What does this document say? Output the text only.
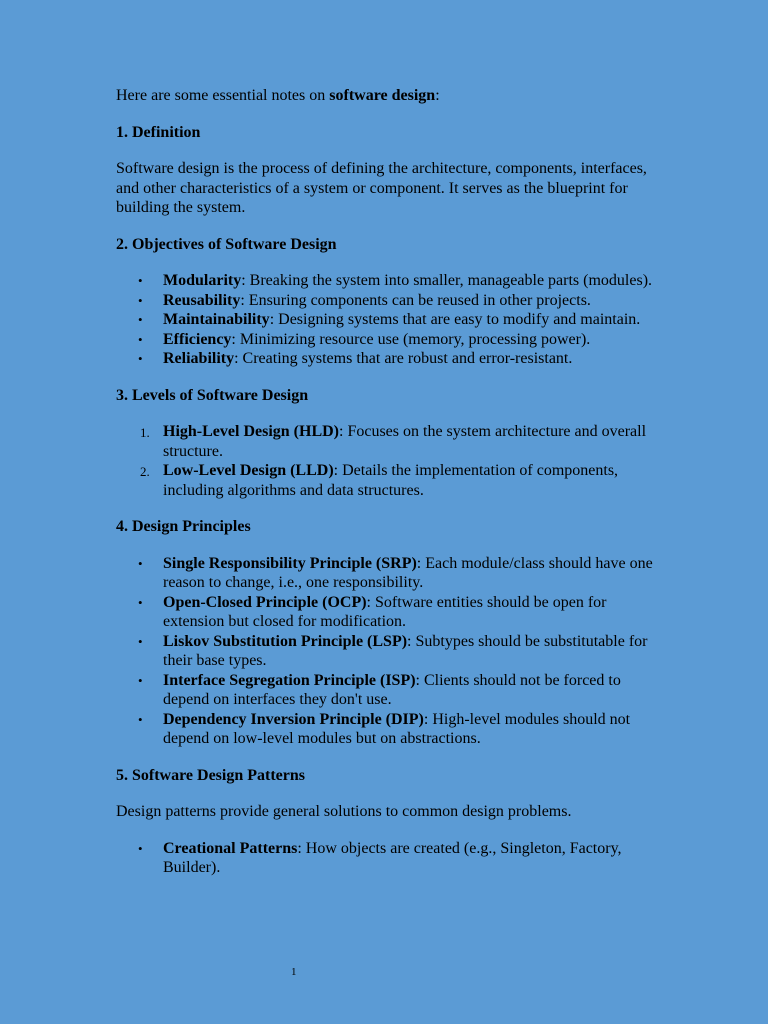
Here are some essential notes on software design:

1. Definition

Software design is the process of defining the architecture, components, interfaces, and other characteristics of a system or component. It serves as the blueprint for building the system.

2. Objectives of Software Design

• Modularity: Breaking the system into smaller, manageable parts (modules).
• Reusability: Ensuring components can be reused in other projects.
• Maintainability: Designing systems that are easy to modify and maintain.
• Efficiency: Minimizing resource use (memory, processing power).
• Reliability: Creating systems that are robust and error-resistant.

3. Levels of Software Design

1. High-Level Design (HLD): Focuses on the system architecture and overall structure.
2. Low-Level Design (LLD): Details the implementation of components, including algorithms and data structures.

4. Design Principles

• Single Responsibility Principle (SRP): Each module/class should have one reason to change, i.e., one responsibility.
• Open-Closed Principle (OCP): Software entities should be open for extension but closed for modification.
• Liskov Substitution Principle (LSP): Subtypes should be substitutable for their base types.
• Interface Segregation Principle (ISP): Clients should not be forced to depend on interfaces they don't use.
• Dependency Inversion Principle (DIP): High-level modules should not depend on low-level modules but on abstractions.

5. Software Design Patterns

Design patterns provide general solutions to common design problems.

• Creational Patterns: How objects are created (e.g., Singleton, Factory, Builder).
1
